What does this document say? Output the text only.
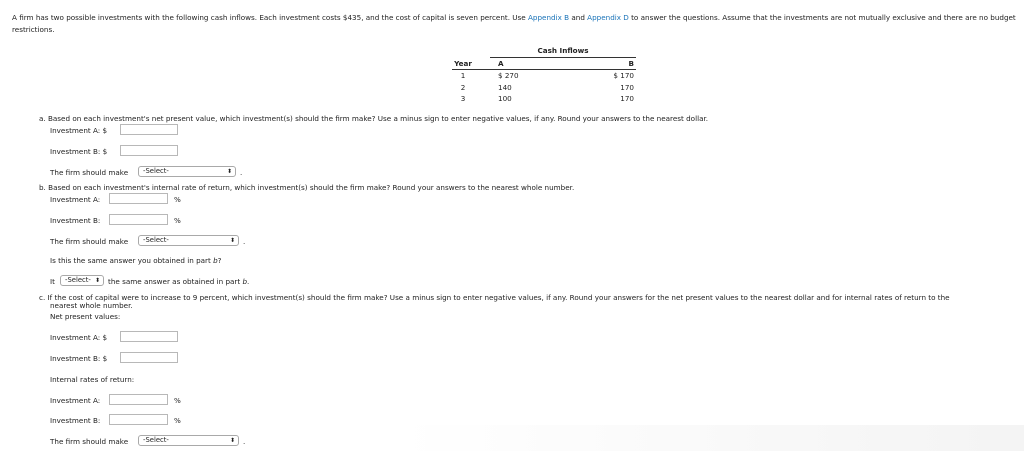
A firm has two possible investments with the following cash inflows. Each investment costs $435, and the cost of capital is seven percent. Use Appendix B and Appendix D to answer the questions. Assume that the investments are not mutually exclusive and there are no budget restrictions.
		Cash Inflows	
Year		A	B
1		$ 270	$ 170
2		140	170
3		100	170
a. Based on each investment's net present value, which investment(s) should the firm make? Use a minus sign to enter negative values, if any. Round your answers to the nearest dollar.
Investment A: $
Investment B: $
The firm should make	-Select-	⬍ .
b. Based on each investment's internal rate of return, which investment(s) should the firm make? Round your answers to the nearest whole number.
Investment A:	%
Investment B:	%
The firm should make	-Select-	⬍ .
Is this the same answer you obtained in part b?
It	-Select- ⬍ the same answer as obtained in part b.
c. If the cost of capital were to increase to 9 percent, which investment(s) should the firm make? Use a minus sign to enter negative values, if any. Round your answers for the net present values to the nearest dollar and for internal rates of return to the
nearest whole number.
Net present values:
Investment A: $
Investment B: $
Internal rates of return:
Investment A:	%
Investment B:	%
The firm should make	-Select-	⬍ .
